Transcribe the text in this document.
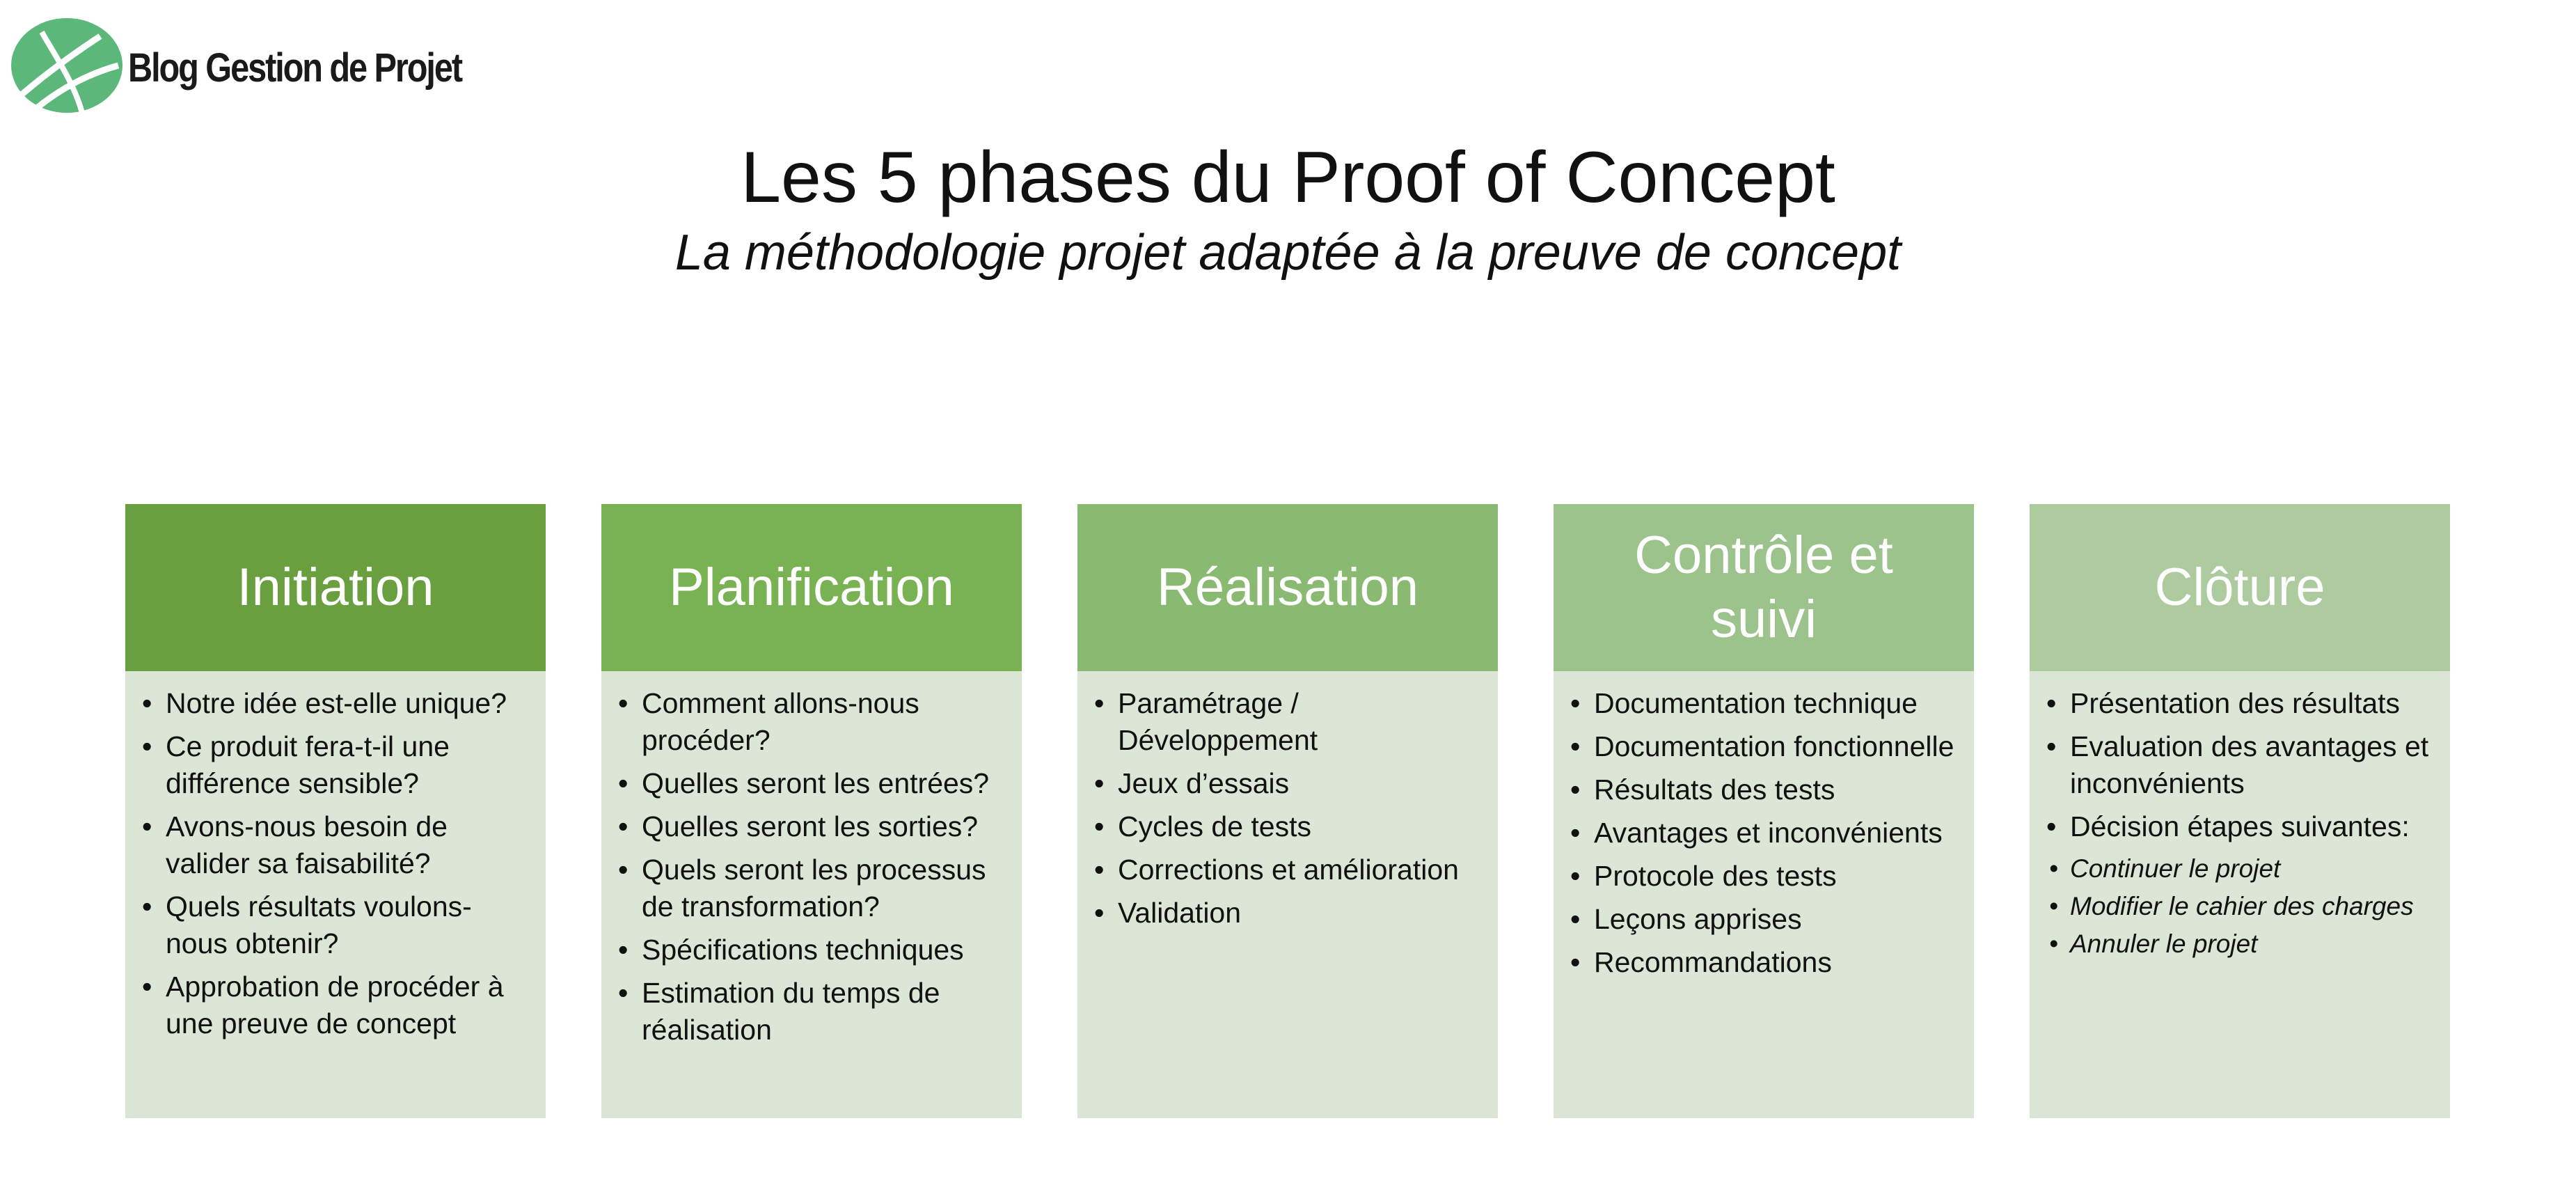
Blog Gestion de Projet
Les 5 phases du Proof of Concept
La méthodologie projet adaptée à la preuve de concept
Initiation
• Notre idée est-elle unique?
• Ce produit fera-t-il une différence sensible?
• Avons-nous besoin de valider sa faisabilité?
• Quels résultats voulons-nous obtenir?
• Approbation de procéder à une preuve de concept
Planification
• Comment allons-nous procéder?
• Quelles seront les entrées?
• Quelles seront les sorties?
• Quels seront les processus de transformation?
• Spécifications techniques
• Estimation du temps de réalisation
Réalisation
• Paramétrage / Développement
• Jeux d’essais
• Cycles de tests
• Corrections et amélioration
• Validation
Contrôle et suivi
• Documentation technique
• Documentation fonctionnelle
• Résultats des tests
• Avantages et inconvénients
• Protocole des tests
• Leçons apprises
• Recommandations
Clôture
• Présentation des résultats
• Evaluation des avantages et inconvénients
• Décision étapes suivantes:
• Continuer le projet
• Modifier le cahier des charges
• Annuler le projet
